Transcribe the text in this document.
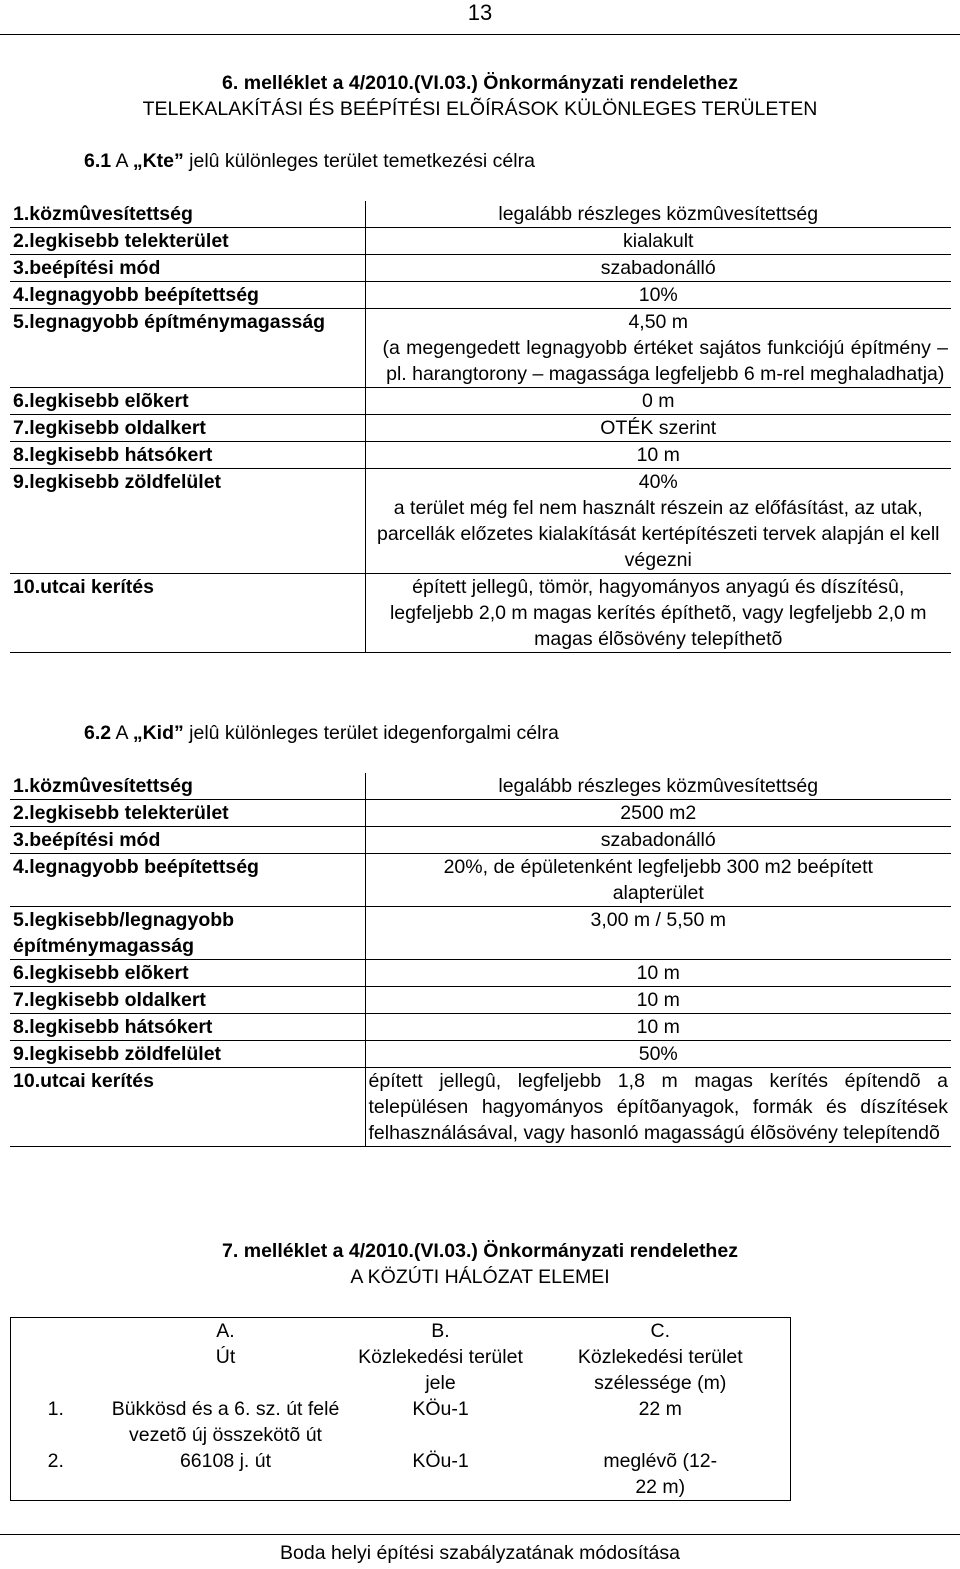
13
6. melléklet a 4/2010.(VI.03.) Önkormányzati rendelethez
TELEKALAKÍTÁSI ÉS BEÉPÍTÉSI ELÕÍRÁSOK KÜLÖNLEGES TERÜLETEN
6.1 A „Kte” jelû különleges terület temetkezési célra
1.közmûvesítettség	legalább részleges közmûvesítettség
2.legkisebb telekterület	kialakult
3.beépítési mód	szabadonálló
4.legnagyobb beépítettség	10%
5.legnagyobb építménymagasság	4,50 m
(a megengedett legnagyobb értéket sajátos funkciójú építmény – pl. harangtorony – magassága legfeljebb 6 m-rel meghaladhatja)

6.legkisebb elõkert	0 m
7.legkisebb oldalkert	OTÉK szerint
8.legkisebb hátsókert	10 m
9.legkisebb zöldfelület	40%
a terület még fel nem használt részein az előfásítást, az utak, parcellák előzetes kialakítását kertépítészeti tervek alapján el kell végezni

10.utcai kerítés	épített jellegû, tömör, hagyományos anyagú és díszítésû, legfeljebb 2,0 m magas kerítés építhetõ, vagy legfeljebb 2,0 m magas élõsövény telepíthetõ
6.2 A „Kid” jelû különleges terület idegenforgalmi célra
1.közmûvesítettség	legalább részleges közmûvesítettség
2.legkisebb telekterület	2500 m2
3.beépítési mód	szabadonálló
4.legnagyobb beépítettség	20%, de épületenként legfeljebb 300 m2 beépített alapterület
5.legkisebb/legnagyobb építménymagasság	3,00 m / 5,50 m
6.legkisebb elõkert	10 m
7.legkisebb oldalkert	10 m
8.legkisebb hátsókert	10 m
9.legkisebb zöldfelület	50%
10.utcai kerítés	épített jellegû, legfeljebb 1,8 m magas kerítés építendõ a településen hagyományos építõanyagok, formák és díszítések felhasználásával, vagy hasonló magasságú élõsövény telepítendõ
7. melléklet a 4/2010.(VI.03.) Önkormányzati rendelethez
A KÖZÚTI HÁLÓZAT ELEMEI
	A.	B.	C.
	Út	Közlekedési terület jele	Közlekedési terület szélessége (m)
1.	Bükkösd és a 6. sz. út felé vezetõ új összekötõ út	KÖu-1	22 m
2.	66108 j. út	KÖu-1	meglévõ (12-22 m)
Boda helyi építési szabályzatának módosítása
